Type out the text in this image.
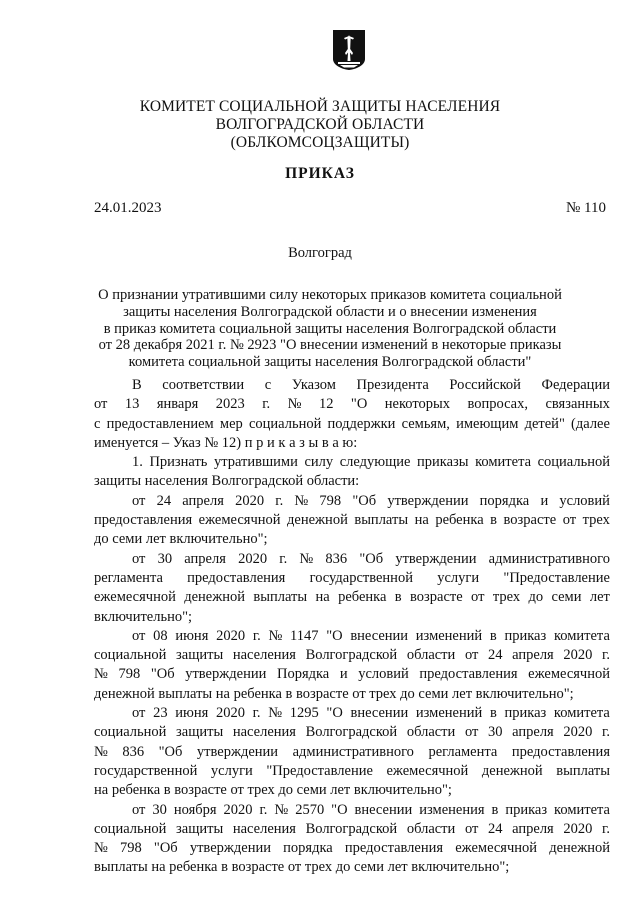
КОМИТЕТ СОЦИАЛЬНОЙ ЗАЩИТЫ НАСЕЛЕНИЯ
ВОЛГОГРАДСКОЙ ОБЛАСТИ
(ОБЛКОМСОЦЗАЩИТЫ)
ПРИКАЗ
24.01.2023	№ 110
Волгоград
О признании утратившими силу некоторых приказов комитета социальной
защиты населения Волгоградской области и о внесении изменения
в приказ комитета социальной защиты населения Волгоградской области
от 28 декабря 2021 г. № 2923 "О внесении изменений в некоторые приказы
комитета социальной защиты населения Волгоградской области"
В соответствии с Указом Президента Российской Федерации
от 13 января 2023 г. № 12 "О некоторых вопросах, связанных
с предоставлением мер социальной поддержки семьям, имеющим детей" (далее
именуется – Указ № 12) п р и к а з ы в а ю:
1. Признать утратившими силу следующие приказы комитета социальной
защиты населения Волгоградской области:
от 24 апреля 2020 г. № 798 "Об утверждении порядка и условий
предоставления ежемесячной денежной выплаты на ребенка в возрасте от трех
до семи лет включительно";
от 30 апреля 2020 г. № 836 "Об утверждении административного
регламента предоставления государственной услуги "Предоставление
ежемесячной денежной выплаты на ребенка в возрасте от трех до семи лет
включительно";
от 08 июня 2020 г. № 1147 "О внесении изменений в приказ комитета
социальной защиты населения Волгоградской области от 24 апреля 2020 г.
№ 798 "Об утверждении Порядка и условий предоставления ежемесячной
денежной выплаты на ребенка в возрасте от трех до семи лет включительно";
от 23 июня 2020 г. № 1295 "О внесении изменений в приказ комитета
социальной защиты населения Волгоградской области от 30 апреля 2020 г.
№ 836 "Об утверждении административного регламента предоставления
государственной услуги "Предоставление ежемесячной денежной выплаты
на ребенка в возрасте от трех до семи лет включительно";
от 30 ноября 2020 г. № 2570 "О внесении изменения в приказ комитета
социальной защиты населения Волгоградской области от 24 апреля 2020 г.
№ 798 "Об утверждении порядка предоставления ежемесячной денежной
выплаты на ребенка в возрасте от трех до семи лет включительно";
